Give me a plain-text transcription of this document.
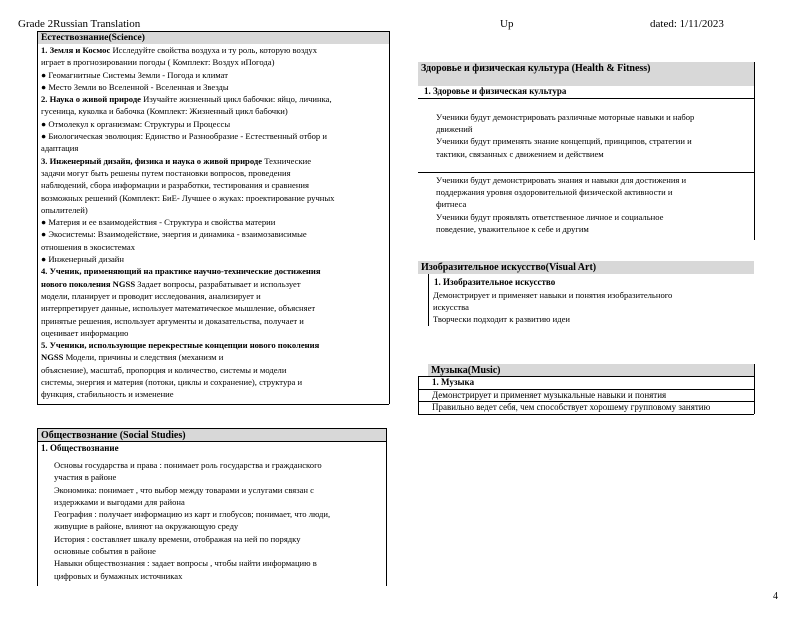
Grade 2Russian Translation	Up	dated: 1/11/2023
Естествознание(Science)
1. Земля и Космос Исследуйте свойства воздуха и ту роль, которую воздух
играет в прогнозировании погоды ( Комплект: Воздух иПогода)
● Геомагнитные Системы Земли - Погода и климат
● Место Земли во Вселенной - Вселенная и Звезды
2. Наука о живой природе Изучайте жизненный цикл бабочки: яйцо, личинка,
гусеница, куколка и бабочка (Комплект: Жизненный цикл бабочки)
● Отмолекул к организмам: Структуры и Процессы
● Биологическая эволюция: Единство и Разнообразие - Естественный отбор и
адаптация
3. Инженерный дизайн, физика и наука о живой природе Технические
задачи могут быть решены путем постановки вопросов, проведения
наблюдений, сбора информации и разработки, тестирования и сравнения
возможных решений (Комплект: БиЕ- Лучшее о жуках: проектирование ручных
опылителей)
● Материя и ее взаимодействия - Структура и свойства материи
● Экосистемы: Взаимодействие, энергия и динамика - взаимозависимые
отношения в экосистемах
● Инженерный дизайн
4. Ученик, применяющий на практике научно-технические достижения
нового поколения NGSS Задает вопросы, разрабатывает и использует
модели, планирует и проводит исследования, анализирует и
интерпретирует данные, использует математическое мышление, объясняет
принятые решения, использует аргументы и доказательства, получает и
оценивает информацию
5. Ученики, использующие перекрестные концепции нового поколения
NGSS Модели, причины и следствия (механизм и
объяснение), масштаб, пропорция и количество, системы и модели
системы, энергия и материя (потоки, циклы и сохранение), структура и
функция, стабильность и изменение
Обществознание (Social Studies)
1. Обществознание
Основы государства и права : понимает роль государства и гражданского
участия в районе
Экономика: понимает , что выбор между товарами и услугами связан с
издержками и выгодами для района
География : получает информацию из карт и глобусов; понимает, что люди,
живущие в районе, влияют на окружающую среду
История : составляет шкалу времени, отображая на ней по порядку
основные события в районе
Навыки обществознания : задает вопросы , чтобы найти информацию в
цифровых и бумажных источниках
Здоровье и физическая культура (Health & Fitness)
1. Здоровье и физическая культура
Ученики будут демонстрировать различные моторные навыки и набор
движений
Ученики будут применять знание концепций, принципов, стратегии и
тактики, связанных с движением и действием
Ученики будут демонстрировать знания и навыки для достижения и
поддержания уровня оздоровительной физической активности и
фитнеса
Ученики будут проявлять ответственное личное и социальное
поведение, уважительное к себе и другим
Изобразительное искусство(Visual Art)
1. Изобразительное искусство
Демонстрирует и применяет навыки и понятия изобразительного
искусства
Творчески подходит к развитию идеи
Музыка(Music)
1. Музыка
Демонстрирует и применяет музыкальные навыки и понятия
Правильно ведет себя, чем способствует хорошему групповому занятию
4
